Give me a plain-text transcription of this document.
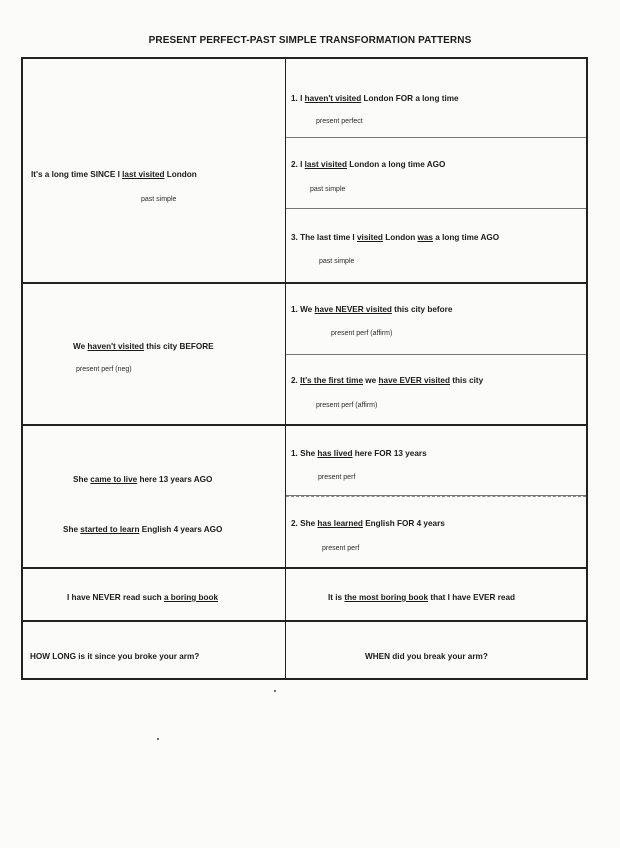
PRESENT PERFECT-PAST SIMPLE TRANSFORMATION PATTERNS
It's a long time SINCE I last visited London
past simple
1. I haven't visited London FOR a long time
present perfect
2. I last visited London a long time AGO
past simple
3. The last time I visited London was a long time AGO
past simple
We haven't visited this city BEFORE
present perf (neg)
1. We have NEVER visited this city before
present perf (affirm)
2. It's the first time we have EVER visited this city
present perf (affirm)
She came to live here 13 years AGO
She started to learn English 4 years AGO
1. She has lived here FOR 13 years
present perf
2. She has learned English FOR 4 years
present perf
I have NEVER read such a boring book	It is the most boring book that I have EVER read
HOW LONG is it since you broke your arm?	WHEN did you break your arm?
